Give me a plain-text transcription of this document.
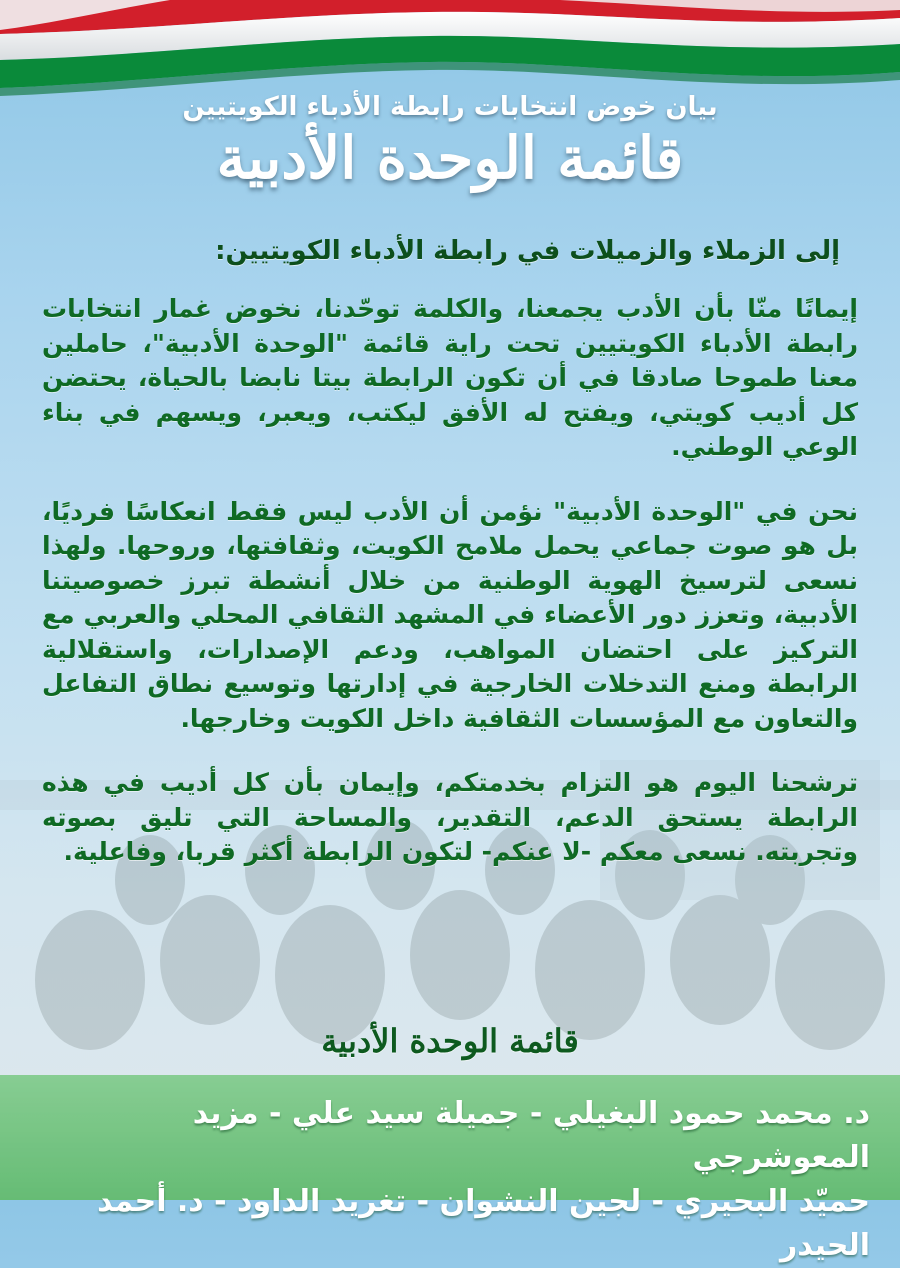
بيان خوض انتخابات رابطة الأدباء الكويتيين
قائمة الوحدة الأدبية
إلى الزملاء والزميلات في رابطة الأدباء الكويتيين:

إيمانًا منّا بأن الأدب يجمعنا، والكلمة توحّدنا، نخوض غمار انتخابات رابطة الأدباء الكويتيين تحت راية قائمة "الوحدة الأدبية"، حاملين معنا طموحا صادقا في أن تكون الرابطة بيتا نابضا بالحياة، يحتضن كل أديب كويتي، ويفتح له الأفق ليكتب، ويعبر، ويسهم في بناء الوعي الوطني.

نحن في "الوحدة الأدبية" نؤمن أن الأدب ليس فقط انعكاسًا فرديًا، بل هو صوت جماعي يحمل ملامح الكويت، وثقافتها، وروحها. ولهذا نسعى لترسيخ الهوية الوطنية من خلال أنشطة تبرز خصوصيتنا الأدبية، وتعزز دور الأعضاء في المشهد الثقافي المحلي والعربي مع التركيز على احتضان المواهب، ودعم الإصدارات، واستقلالية الرابطة ومنع التدخلات الخارجية في إدارتها وتوسيع نطاق التفاعل والتعاون مع المؤسسات الثقافية داخل الكويت وخارجها.

ترشحنا اليوم هو التزام بخدمتكم، وإيمان بأن كل أديب في هذه الرابطة يستحق الدعم، التقدير، والمساحة التي تليق بصوته وتجربته. نسعى معكم -لا عنكم- لتكون الرابطة أكثر قربا، وفاعلية.

قائمة الوحدة الأدبية
د. محمد حمود البغيلي - جميلة سيد علي - مزيد المعوشرجي
حميّد البحيري - لجين النشوان - تغريد الداود - د. أحمد الحيدر
